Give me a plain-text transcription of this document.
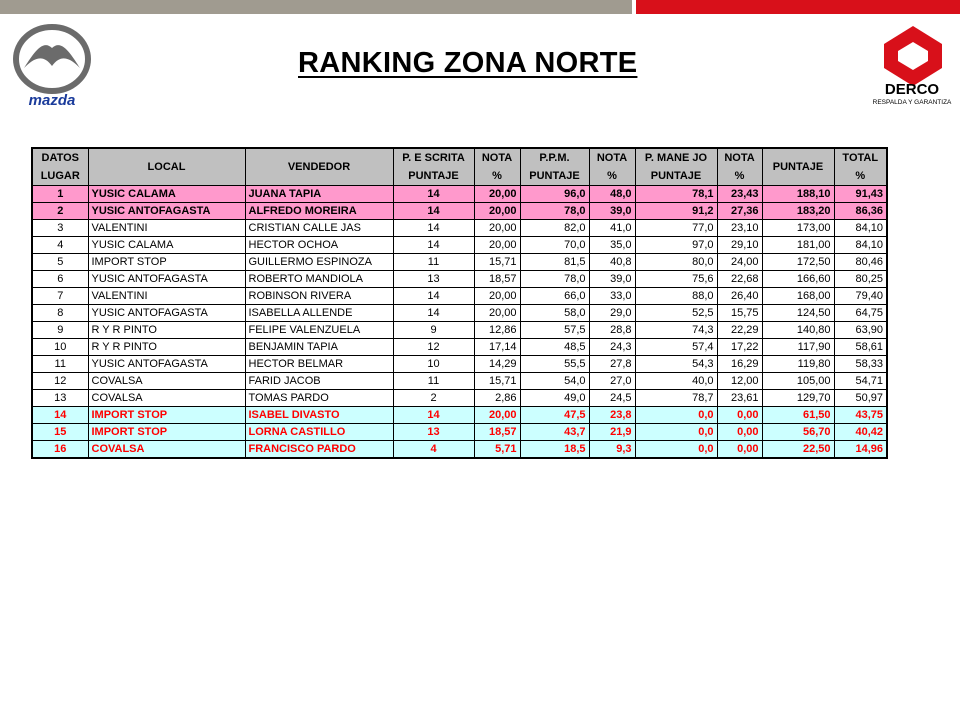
mazda
DERCO
RESPALDA Y GARANTIZA
RANKING ZONA NORTE
DATOS	LOCAL	VENDEDOR	P. E SCRITA	NOTA	P.P.M.	NOTA	P. MANE JO	NOTA	PUNTAJE	TOTAL
LUGAR			PUNTAJE	%	PUNTAJE	%	PUNTAJE	%		%
1	YUSIC CALAMA	JUANA TAPIA	14	20,00	96,0	48,0	78,1	23,43	188,10	91,43
2	YUSIC ANTOFAGASTA	ALFREDO MOREIRA	14	20,00	78,0	39,0	91,2	27,36	183,20	86,36
3	VALENTINI	CRISTIAN CALLE JAS	14	20,00	82,0	41,0	77,0	23,10	173,00	84,10
4	YUSIC CALAMA	HECTOR OCHOA	14	20,00	70,0	35,0	97,0	29,10	181,00	84,10
5	IMPORT STOP	GUILLERMO ESPINOZA	11	15,71	81,5	40,8	80,0	24,00	172,50	80,46
6	YUSIC ANTOFAGASTA	ROBERTO MANDIOLA	13	18,57	78,0	39,0	75,6	22,68	166,60	80,25
7	VALENTINI	ROBINSON RIVERA	14	20,00	66,0	33,0	88,0	26,40	168,00	79,40
8	YUSIC ANTOFAGASTA	ISABELLA ALLENDE	14	20,00	58,0	29,0	52,5	15,75	124,50	64,75
9	R Y R PINTO	FELIPE VALENZUELA	9	12,86	57,5	28,8	74,3	22,29	140,80	63,90
10	R Y R PINTO	BENJAMIN TAPIA	12	17,14	48,5	24,3	57,4	17,22	117,90	58,61
11	YUSIC ANTOFAGASTA	HECTOR BELMAR	10	14,29	55,5	27,8	54,3	16,29	119,80	58,33
12	COVALSA	FARID JACOB	11	15,71	54,0	27,0	40,0	12,00	105,00	54,71
13	COVALSA	TOMAS PARDO	2	2,86	49,0	24,5	78,7	23,61	129,70	50,97
14	IMPORT STOP	ISABEL DIVASTO	14	20,00	47,5	23,8	0,0	0,00	61,50	43,75
15	IMPORT STOP	LORNA CASTILLO	13	18,57	43,7	21,9	0,0	0,00	56,70	40,42
16	COVALSA	FRANCISCO PARDO	4	5,71	18,5	9,3	0,0	0,00	22,50	14,96
